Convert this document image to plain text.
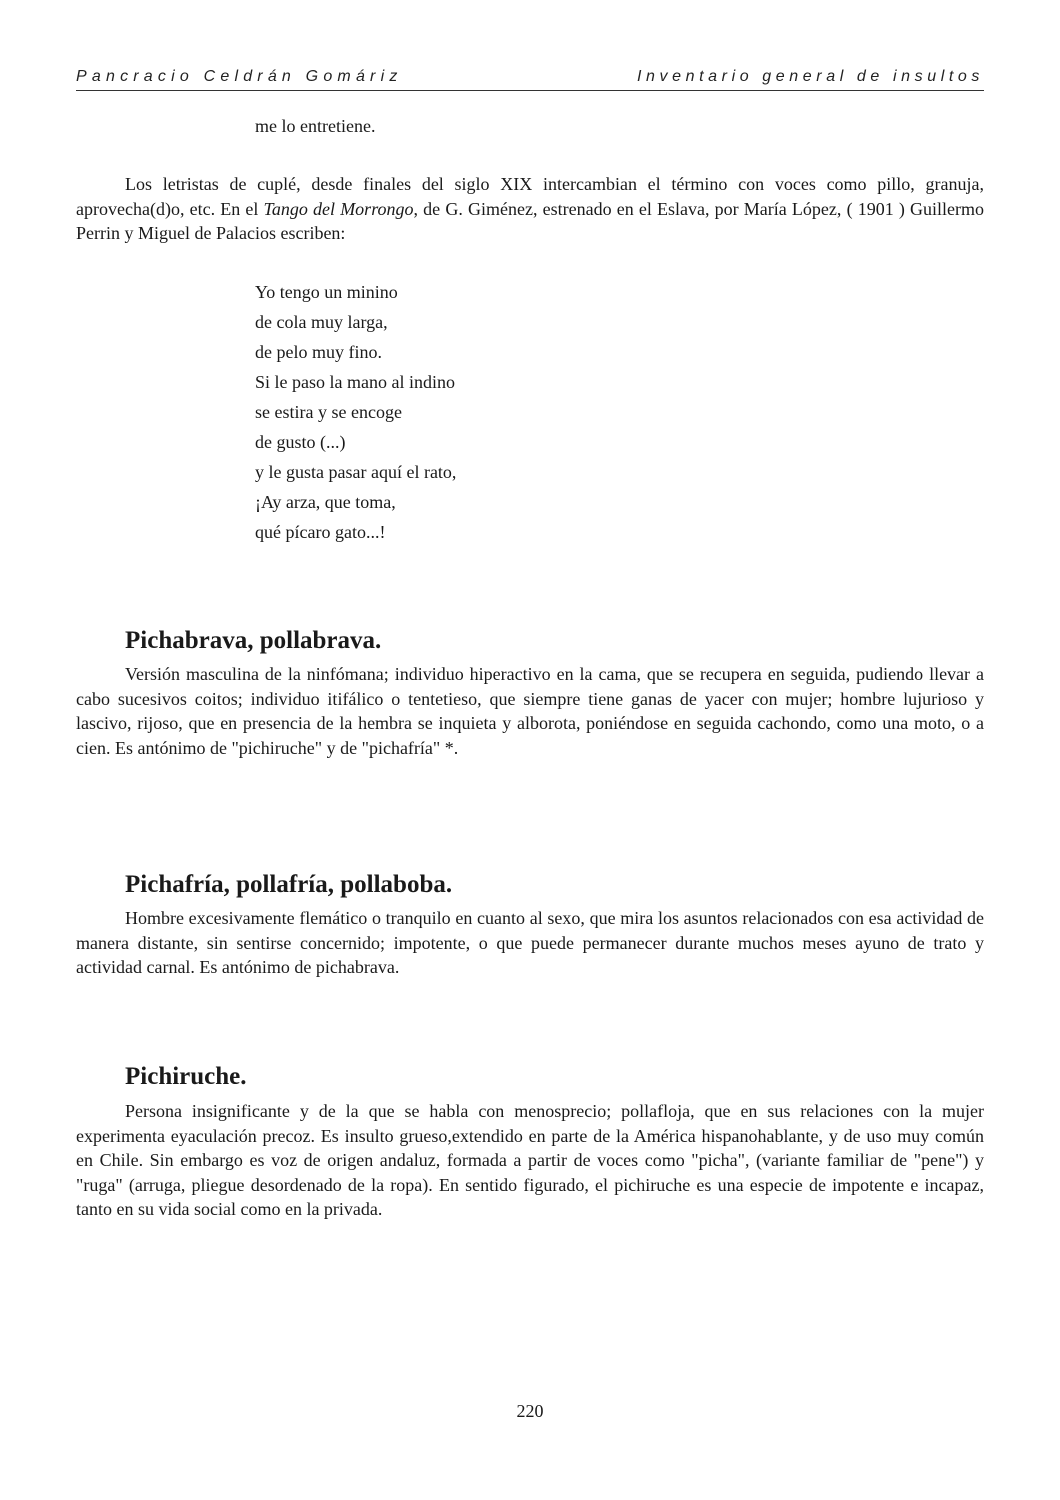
Pancracio Celdrán Gomáriz	Inventario general de insultos
me lo entretiene.

Los letristas de cuplé, desde finales del siglo XIX intercambian el término con voces como pillo, granuja, aprovecha(d)o, etc. En el Tango del Morrongo, de G. Giménez, estrenado en el Eslava, por María López, ( 1901 ) Guillermo Perrin y Miguel de Palacios escriben:

Yo tengo un minino
de cola muy larga,
de pelo muy fino.
Si le paso la mano al indino
se estira y se encoge
de gusto (...)
y le gusta pasar aquí el rato,
¡Ay arza, que toma,
qué pícaro gato...!
Pichabrava, pollabrava.

Versión masculina de la ninfómana; individuo hiperactivo en la cama, que se recupera en seguida, pudiendo llevar a cabo sucesivos coitos; individuo itifálico o tentetieso, que siempre tiene ganas de yacer con mujer; hombre lujurioso y lascivo, rijoso, que en presencia de la hembra se inquieta y alborota, poniéndose en seguida cachondo, como una moto, o a cien. Es antónimo de "pichiruche" y de "pichafría" *.

Pichafría, pollafría, pollaboba.

Hombre excesivamente flemático o tranquilo en cuanto al sexo, que mira los asuntos relacionados con esa actividad de manera distante, sin sentirse concernido; impotente, o que puede permanecer durante muchos meses ayuno de trato y actividad carnal. Es antónimo de pichabrava.

Pichiruche.

Persona insignificante y de la que se habla con menosprecio; pollafloja, que en sus relaciones con la mujer experimenta eyaculación precoz. Es insulto grueso,extendido en parte de la América hispanohablante, y de uso muy común en Chile. Sin embargo es voz de origen andaluz, formada a partir de voces como "picha", (variante familiar de "pene") y "ruga" (arruga, pliegue desordenado de la ropa). En sentido figurado, el pichiruche es una especie de impotente e incapaz, tanto en su vida social como en la privada.

220
